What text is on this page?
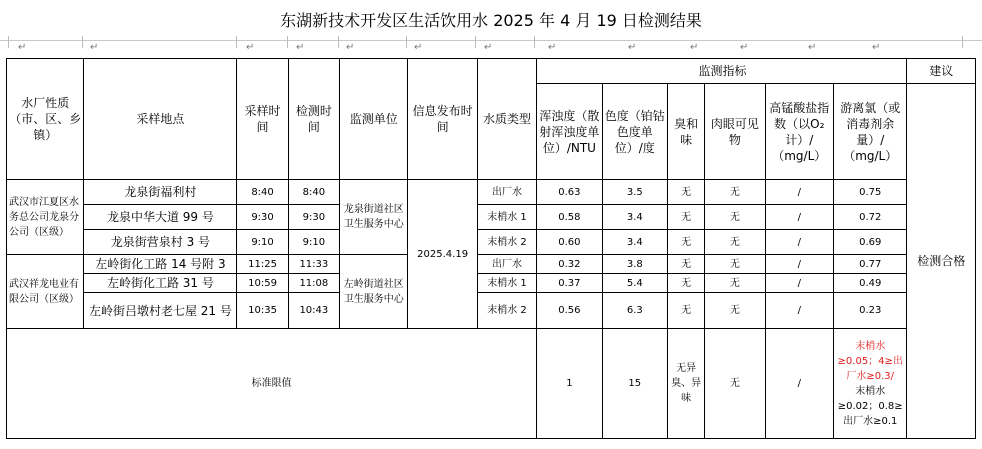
东湖新技术开发区生活饮用水 2025 年 4 月 19 日检测结果
↵	↵	↵	↵	↵	↵	↵	↵	↵	↵	↵	↵	↵
水厂性质（市、区、乡镇）	采样地点	采样时间	检测时间	监测单位	信息发布时间	水质类型	监测指标						建议
							浑浊度（散射浑浊度单位）/NTU	色度（铂钴色度单位）/度	臭和味	肉眼可见物	高锰酸盐指数（以O₂计）/（mg/L）	游离氯（或消毒剂余量）/（mg/L）	检测合格
武汉市江夏区水务总公司龙泉分公司（区级）	龙泉街福利村	8:40	8:40	龙泉街道社区卫生服务中心	2025.4.19	出厂水	0.63	3.5	无	无	/	0.75	
	龙泉中华大道 99 号	9:30	9:30			末梢水 1	0.58	3.4	无	无	/	0.72	
	龙泉街营泉村 3 号	9:10	9:10			末梢水 2	0.60	3.4	无	无	/	0.69	
武汉祥龙电业有限公司（区级）	左岭街化工路 14 号附 3	11:25	11:33	左岭街道社区卫生服务中心		出厂水	0.32	3.8	无	无	/	0.77	
	左岭街化工路 31 号	10:59	11:08			末梢水 1	0.37	5.4	无	无	/	0.49	
	左岭街吕墩村老七屋 21 号	10:35	10:43			末梢水 2	0.56	6.3	无	无	/	0.23	
标准限值							1	15	无异臭、异味	无	/	末梢水≥0.05；4≥出厂水≥0.3/
末梢水≥0.02；0.8≥出厂水≥0.1	
